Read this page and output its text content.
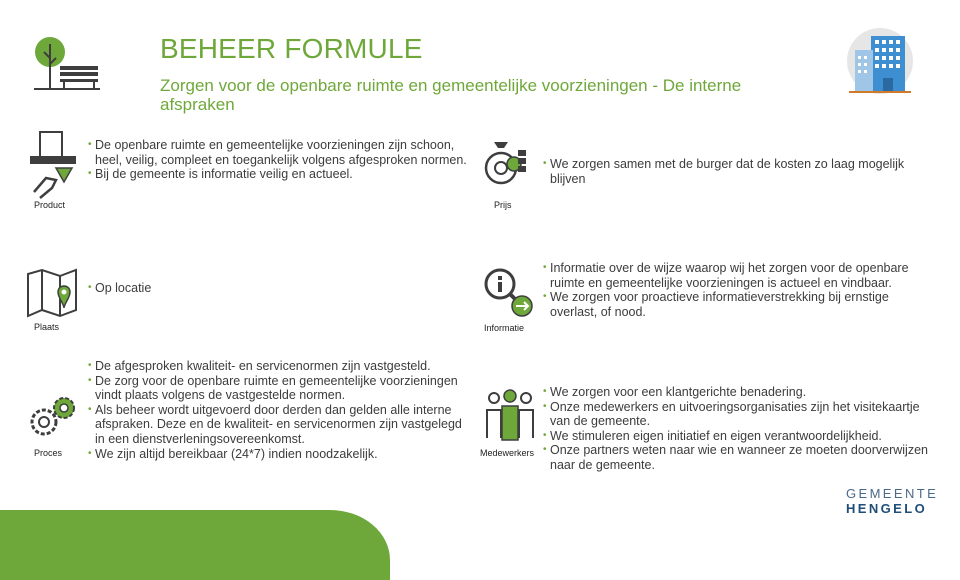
BEHEER FORMULE
Zorgen voor de openbare ruimte en gemeentelijke voorzieningen - De interne afspraken
Product
• De openbare ruimte en gemeentelijke voorzieningen zijn schoon, heel, veilig, compleet en toegankelijk volgens afgesproken normen.
• Bij de gemeente is informatie veilig en actueel.
Plaats
• Op locatie
Proces
• De afgesproken kwaliteit- en servicenormen zijn vastgesteld.
• De zorg voor de openbare ruimte en gemeentelijke voorzieningen vindt plaats volgens de vastgestelde normen.
• Als beheer wordt uitgevoerd door derden dan gelden alle interne afspraken. Deze en de kwaliteit- en servicenormen zijn vastgelegd in een dienstverleningsovereenkomst.
• We zijn altijd bereikbaar (24*7) indien noodzakelijk.
Prijs
• We zorgen samen met de burger dat de kosten zo laag mogelijk blijven
Informatie
• Informatie over de wijze waarop wij het zorgen voor de openbare ruimte en gemeentelijke voorzieningen is actueel en vindbaar.
• We zorgen voor proactieve informatieverstrekking bij ernstige overlast, of nood.
Medewerkers
• We zorgen voor een klantgerichte benadering.
• Onze medewerkers en uitvoeringsorganisaties zijn het visitekaartje van de gemeente.
• We stimuleren eigen initiatief en eigen verantwoordelijkheid.
• Onze partners weten naar wie en wanneer ze moeten doorverwijzen naar de gemeente.
GEMEENTE
HENGELO
